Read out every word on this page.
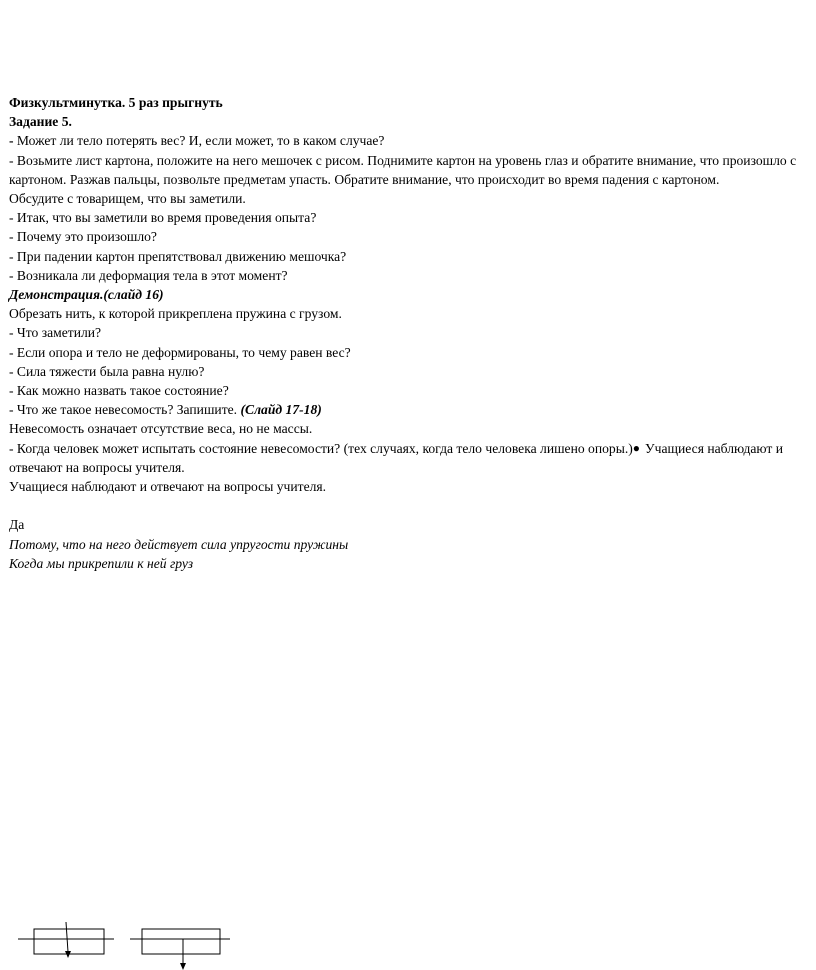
Физкультминутка. 5 раз прыгнуть
Задание 5.
- Может ли тело потерять вес? И, если может, то в каком случае?
- Возьмите лист картона, положите на него мешочек с рисом. Поднимите картон на уровень глаз и обратите внимание, что произошло с картоном. Разжав пальцы, позвольте предметам упасть. Обратите внимание, что происходит во время падения с картоном.
Обсудите с товарищем, что вы заметили.
- Итак, что вы заметили во время проведения опыта?
- Почему это произошло?
- При падении картон препятствовал движению мешочка?
- Возникала ли деформация тела в этот момент?
Демонстрация.(слайд 16)
Обрезать нить, к которой прикреплена пружина с грузом.
- Что заметили?
- Если опора и тело не деформированы, то чему равен вес?
- Сила тяжести была равна нулю?
- Как можно назвать такое состояние?
- Что же такое невесомость? Запишите. (Слайд 17-18)
Невесомость означает отсутствие веса, но не массы.
- Когда человек может испытать состояние невесомости? (тех случаях, когда тело человека лишено опоры.)● Учащиеся наблюдают и отвечают на вопросы учителя.
Учащиеся наблюдают и отвечают на вопросы учителя.
Да
Потому, что на него действует сила упругости пружины
Когда мы прикрепили к ней груз
